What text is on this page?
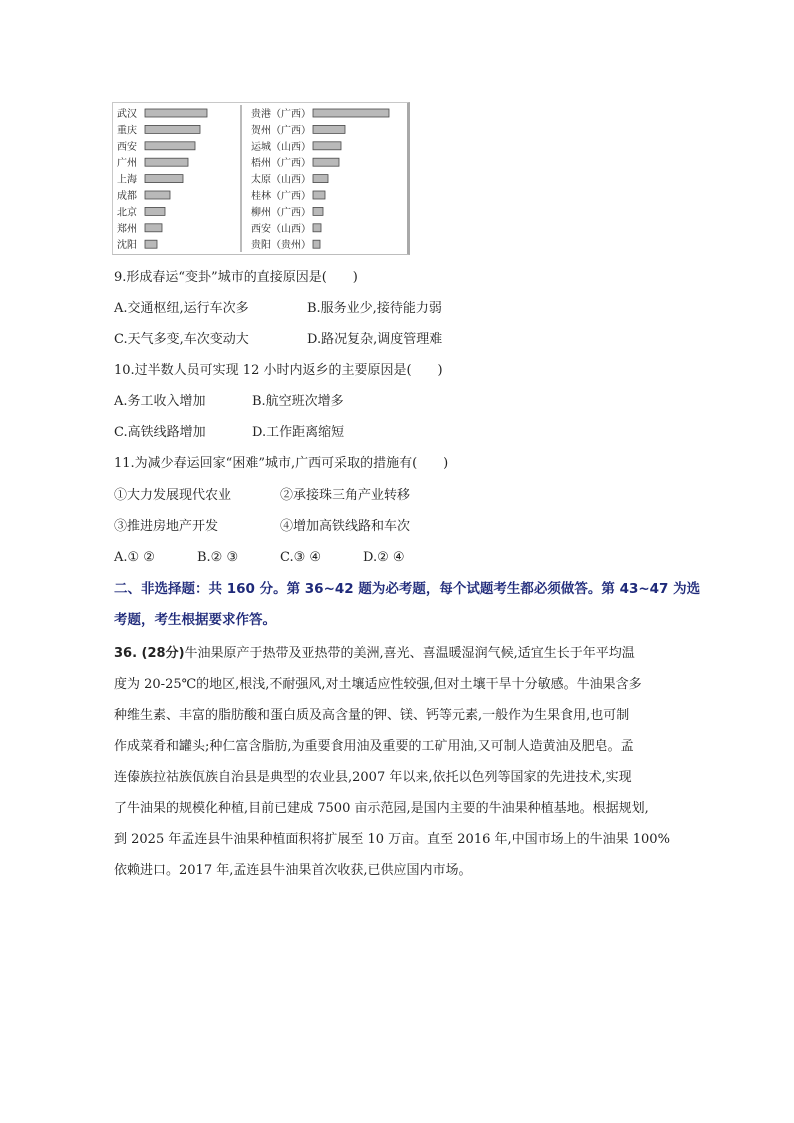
武汉
重庆
西安
广州
上海
成都
北京
郑州
沈阳
贵港（广西）
贺州（广西）
运城（山西）
梧州（广西）
太原（山西）
桂林（广西）
柳州（广西）
西安（山西）
贵阳（贵州）
9.形成春运“变卦”城市的直接原因是(　　)
A.交通枢纽,运行车次多	B.服务业少,接待能力弱
C.天气多变,车次变动大	D.路况复杂,调度管理难
10.过半数人员可实现 12 小时内返乡的主要原因是(　　)
A.务工收入增加	B.航空班次增多
C.高铁线路增加	D.工作距离缩短
11.为减少春运回家“困难”城市,广西可采取的措施有(　　)
①大力发展现代农业	②承接珠三角产业转移
③推进房地产开发	④增加高铁线路和车次
A.① ②	B.② ③	C.③ ④	D.② ④
二、非选择题：共 160 分。第 36~42 题为必考题，每个试题考生都必须做答。第 43~47 为选
考题，考生根据要求作答。

36. (28分)牛油果原产于热带及亚热带的美洲,喜光、喜温暖湿润气候,适宜生长于年平均温

度为 20-25℃的地区,根浅,不耐强风,对土壤适应性较强,但对土壤干旱十分敏感。牛油果含多

种维生素、丰富的脂肪酸和蛋白质及高含量的钾、镁、钙等元素,一般作为生果食用,也可制

作成菜肴和罐头;种仁富含脂肪,为重要食用油及重要的工矿用油,又可制人造黄油及肥皂。孟

连傣族拉祜族佤族自治县是典型的农业县,2007 年以来,依托以色列等国家的先进技术,实现

了牛油果的规模化种植,目前已建成 7500 亩示范园,是国内主要的牛油果种植基地。根据规划,

到 2025 年孟连县牛油果种植面积将扩展至 10 万亩。直至 2016 年,中国市场上的牛油果 100%

依赖进口。2017 年,孟连县牛油果首次收获,已供应国内市场。
